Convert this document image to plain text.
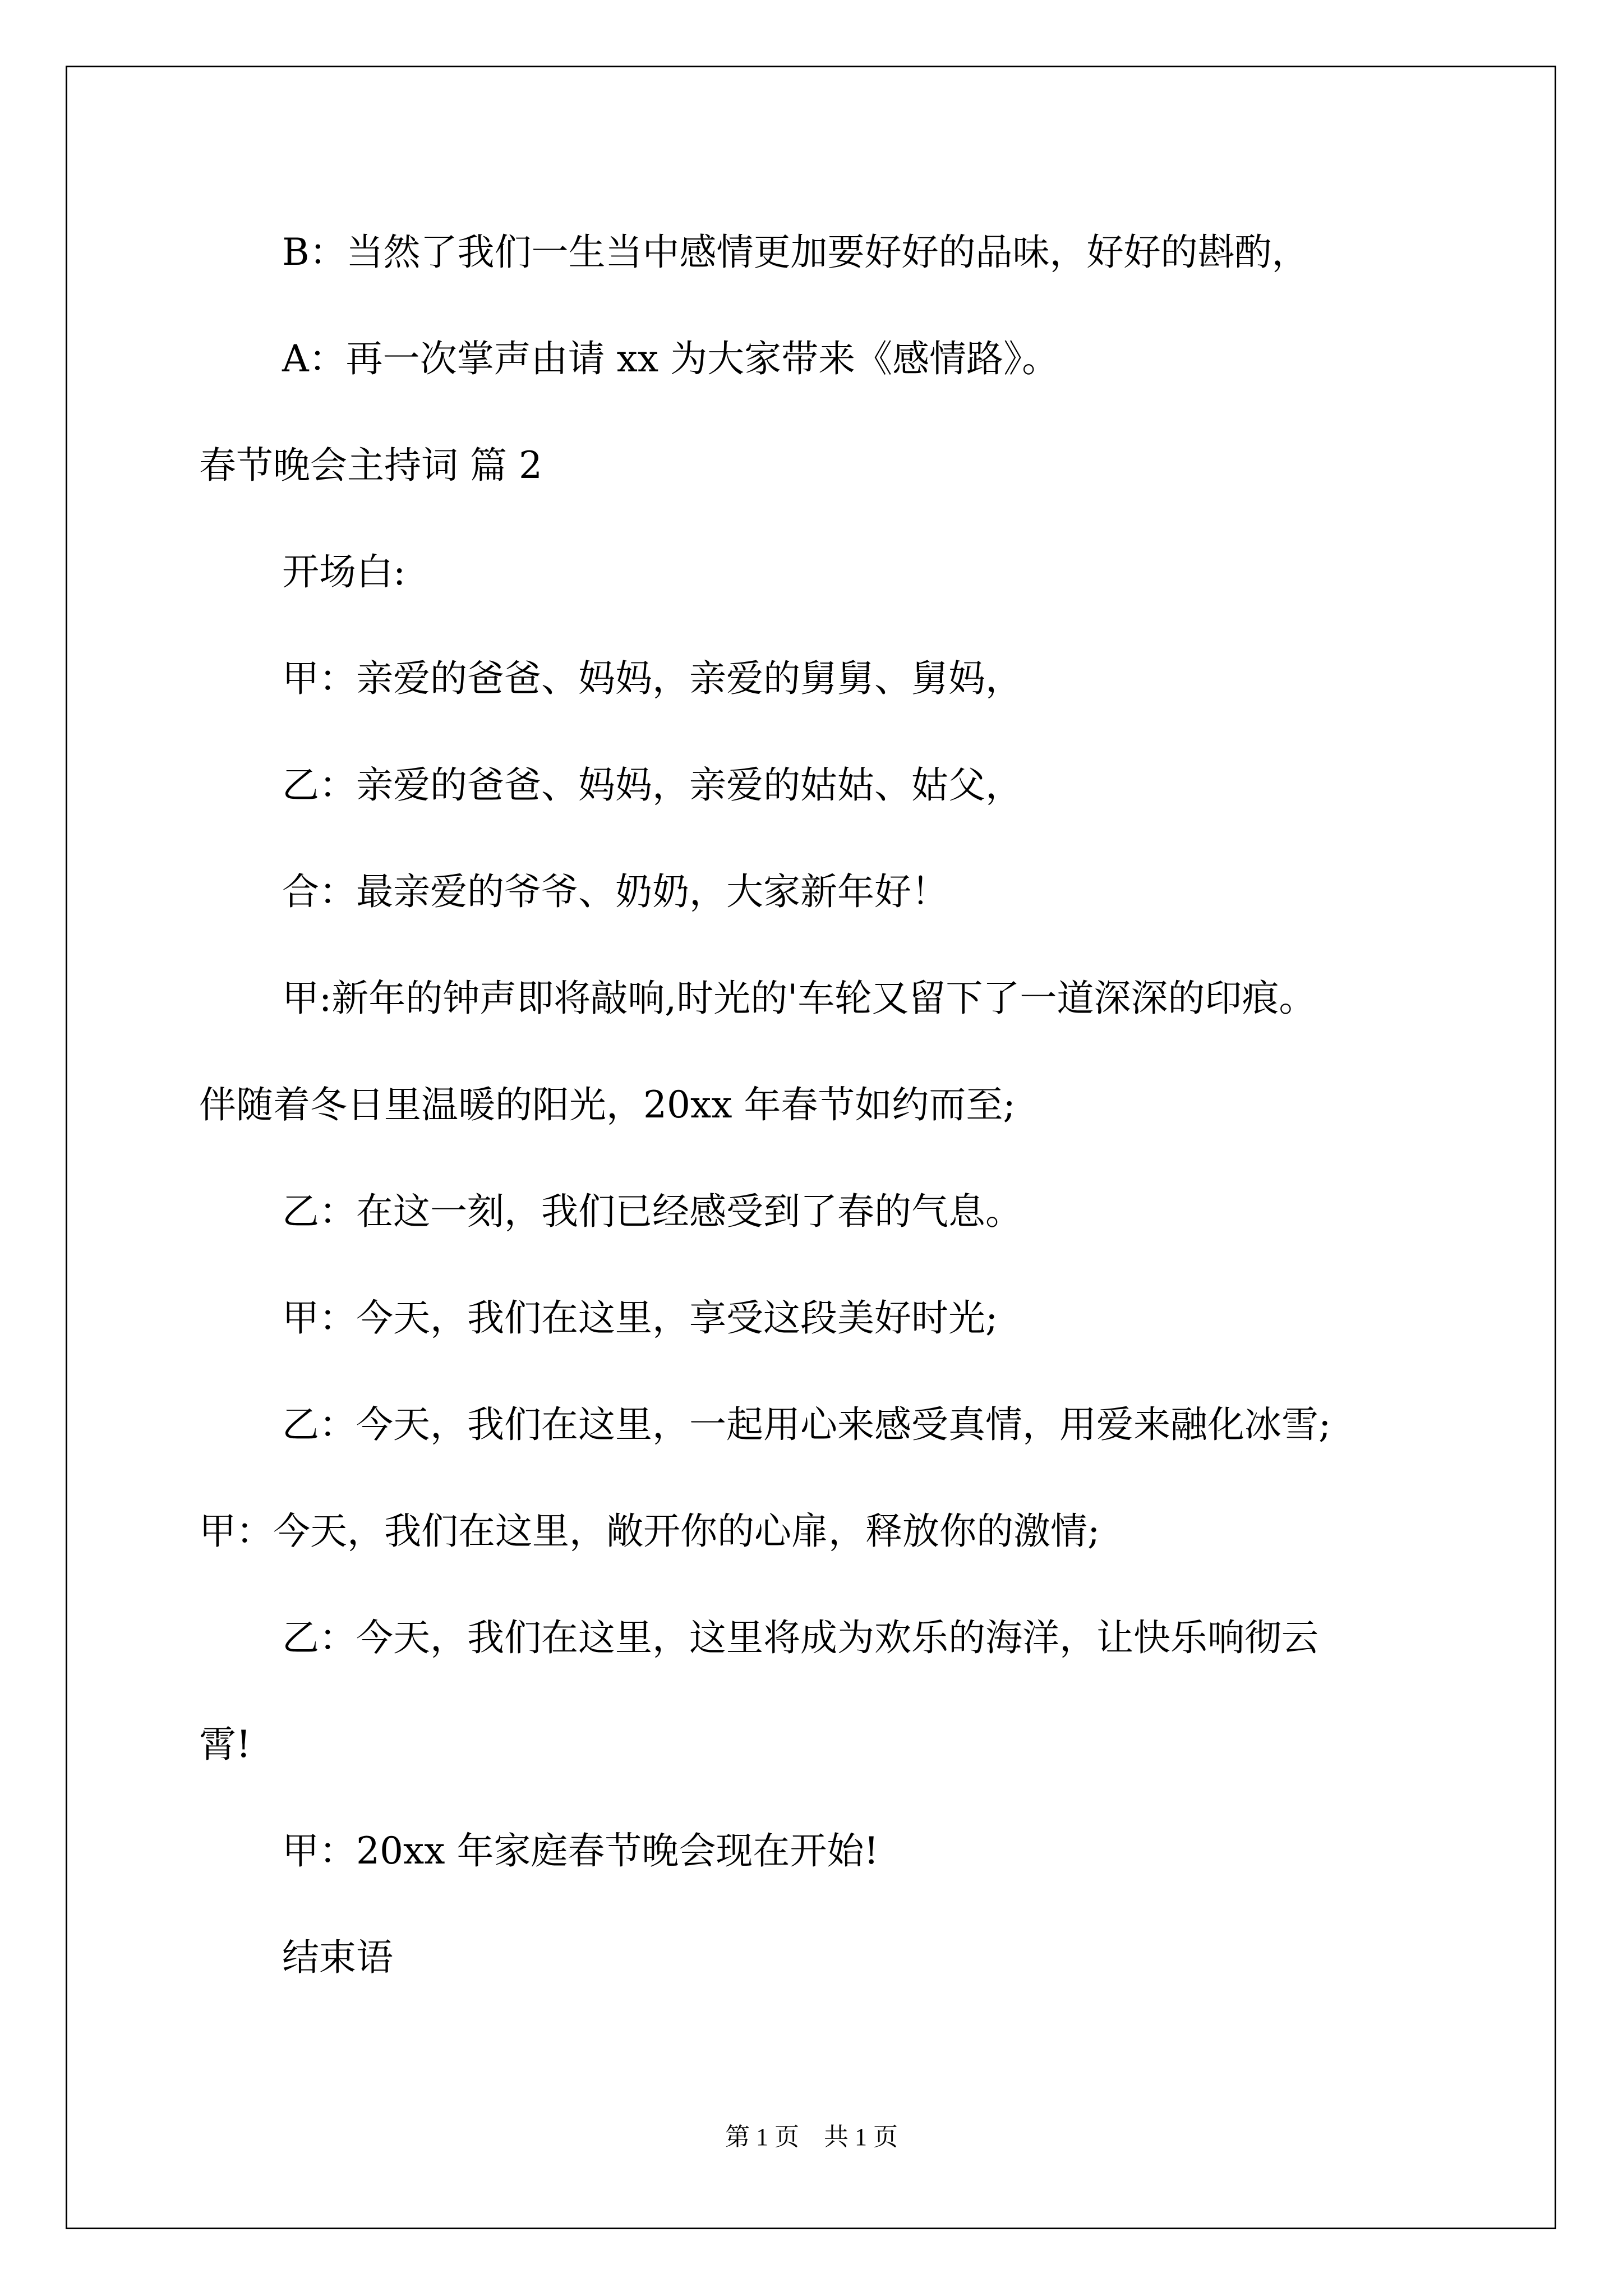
B：当然了我们一生当中感情更加要好好的品味，好好的斟酌，
A：再一次掌声由请 xx 为大家带来《感情路》。
春节晚会主持词 篇 2
开场白:
甲：亲爱的爸爸、妈妈，亲爱的舅舅、舅妈，
乙：亲爱的爸爸、妈妈，亲爱的姑姑、姑父，
合：最亲爱的爷爷、奶奶，大家新年好！
甲:新年的钟声即将敲响,时光的'车轮又留下了一道深深的印痕。
伴随着冬日里温暖的阳光，20xx 年春节如约而至;
乙：在这一刻，我们已经感受到了春的气息。
甲：今天，我们在这里，享受这段美好时光;
乙：今天，我们在这里，一起用心来感受真情，用爱来融化冰雪;
甲：今天，我们在这里，敞开你的心扉，释放你的激情;
乙：今天，我们在这里，这里将成为欢乐的海洋，让快乐响彻云
霄!
甲：20xx 年家庭春节晚会现在开始!
结束语
第 1 页　共 1 页
